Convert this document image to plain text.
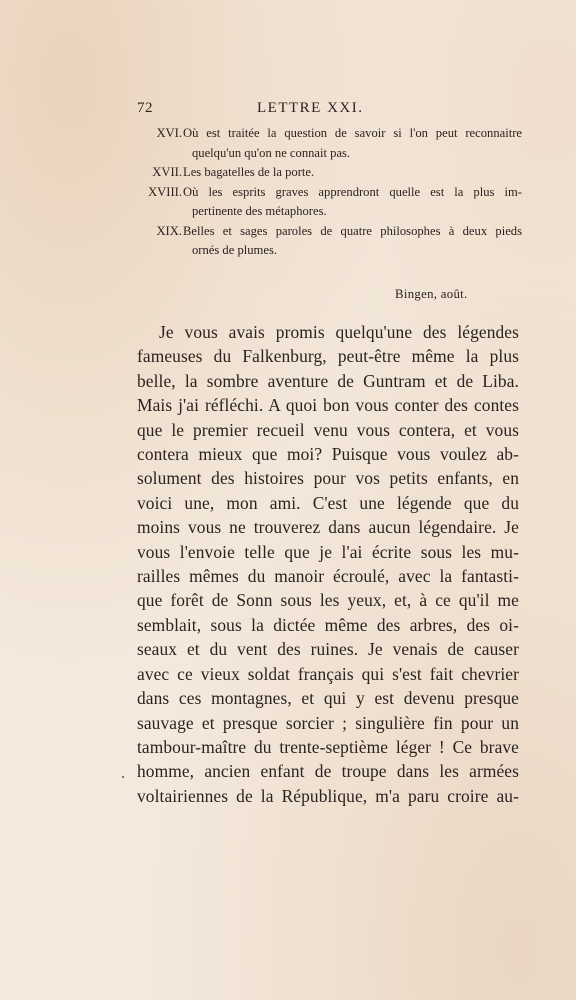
72	LETTRE XXI.
XVI. Où est traitée la question de savoir si l'on peut reconnaitre
quelqu'un qu'on ne connait pas.
XVII. Les bagatelles de la porte.
XVIII. Où les esprits graves apprendront quelle est la plus im-
pertinente des métaphores.
XIX. Belles et sages paroles de quatre philosophes à deux pieds
ornés de plumes.
Bingen, août.
Je vous avais promis quelqu'une des légendes
fameuses du Falkenburg, peut-être même la plus
belle, la sombre aventure de Guntram et de Liba.
Mais j'ai réfléchi. A quoi bon vous conter des contes
que le premier recueil venu vous contera, et vous
contera mieux que moi? Puisque vous voulez ab-
solument des histoires pour vos petits enfants, en
voici une, mon ami. C'est une légende que du
moins vous ne trouverez dans aucun légendaire. Je
vous l'envoie telle que je l'ai écrite sous les mu-
railles mêmes du manoir écroulé, avec la fantasti-
que forêt de Sonn sous les yeux, et, à ce qu'il me
semblait, sous la dictée même des arbres, des oi-
seaux et du vent des ruines. Je venais de causer
avec ce vieux soldat français qui s'est fait chevrier
dans ces montagnes, et qui y est devenu presque
sauvage et presque sorcier ; singulière fin pour un
tambour-maître du trente-septième léger ! Ce brave
homme, ancien enfant de troupe dans les armées
voltairiennes de la République, m'a paru croire au-
